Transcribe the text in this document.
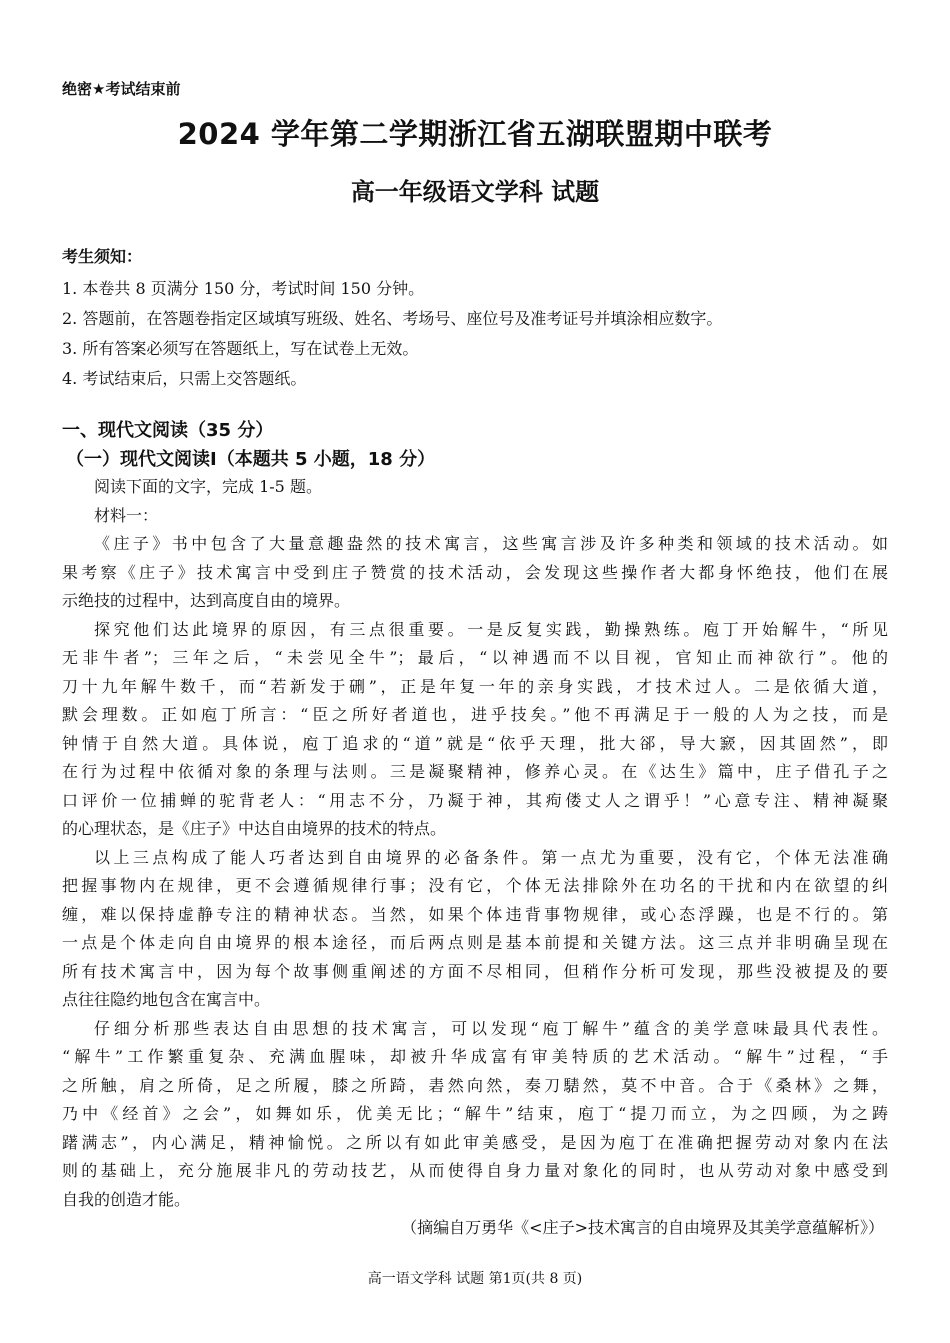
绝密★考试结束前
2024 学年第二学期浙江省五湖联盟期中联考
高一年级语文学科 试题
考生须知：
1. 本卷共 8 页满分 150 分，考试时间 150 分钟。
2. 答题前，在答题卷指定区域填写班级、姓名、考场号、座位号及准考证号并填涂相应数字。
3. 所有答案必须写在答题纸上，写在试卷上无效。
4. 考试结束后，只需上交答题纸。
一、现代文阅读（35 分）
（一）现代文阅读Ⅰ（本题共 5 小题，18 分）
阅读下面的文字，完成 1-5 题。
材料一：
《庄子》书中包含了大量意趣盎然的技术寓言，这些寓言涉及许多种类和领域的技术活动。如
果考察《庄子》技术寓言中受到庄子赞赏的技术活动，会发现这些操作者大都身怀绝技，他们在展
示绝技的过程中，达到高度自由的境界。
探究他们达此境界的原因，有三点很重要。一是反复实践，勤操熟练。庖丁开始解牛，“所见
无非牛者”；三年之后，“未尝见全牛”；最后，“以神遇而不以目视，官知止而神欲行”。他的
刀十九年解牛数千，而“若新发于硎”，正是年复一年的亲身实践，才技术过人。二是依循大道，
默会理数。正如庖丁所言：“臣之所好者道也，进乎技矣。”他不再满足于一般的人为之技，而是
钟情于自然大道。具体说，庖丁追求的“道”就是“依乎天理，批大郤，导大窾，因其固然”，即
在行为过程中依循对象的条理与法则。三是凝聚精神，修养心灵。在《达生》篇中，庄子借孔子之
口评价一位捕蝉的驼背老人：“用志不分，乃凝于神，其痀偻丈人之谓乎！”心意专注、精神凝聚
的心理状态，是《庄子》中达自由境界的技术的特点。
以上三点构成了能人巧者达到自由境界的必备条件。第一点尤为重要，没有它，个体无法准确
把握事物内在规律，更不会遵循规律行事；没有它，个体无法排除外在功名的干扰和内在欲望的纠
缠，难以保持虚静专注的精神状态。当然，如果个体违背事物规律，或心态浮躁，也是不行的。第
一点是个体走向自由境界的根本途径，而后两点则是基本前提和关键方法。这三点并非明确呈现在
所有技术寓言中，因为每个故事侧重阐述的方面不尽相同，但稍作分析可发现，那些没被提及的要
点往往隐约地包含在寓言中。
仔细分析那些表达自由思想的技术寓言，可以发现“庖丁解牛”蕴含的美学意味最具代表性。
“解牛”工作繁重复杂、充满血腥味，却被升华成富有审美特质的艺术活动。“解牛”过程，“手
之所触，肩之所倚，足之所履，膝之所踦，砉然向然，奏刀騞然，莫不中音。合于《桑林》之舞，
乃中《经首》之会”，如舞如乐，优美无比；“解牛”结束，庖丁“提刀而立，为之四顾，为之踌
躇满志”，内心满足，精神愉悦。之所以有如此审美感受，是因为庖丁在准确把握劳动对象内在法
则的基础上，充分施展非凡的劳动技艺，从而使得自身力量对象化的同时，也从劳动对象中感受到
自我的创造才能。
（摘编自万勇华《<庄子>技术寓言的自由境界及其美学意蕴解析》）
高一语文学科 试题 第1页(共 8 页)
